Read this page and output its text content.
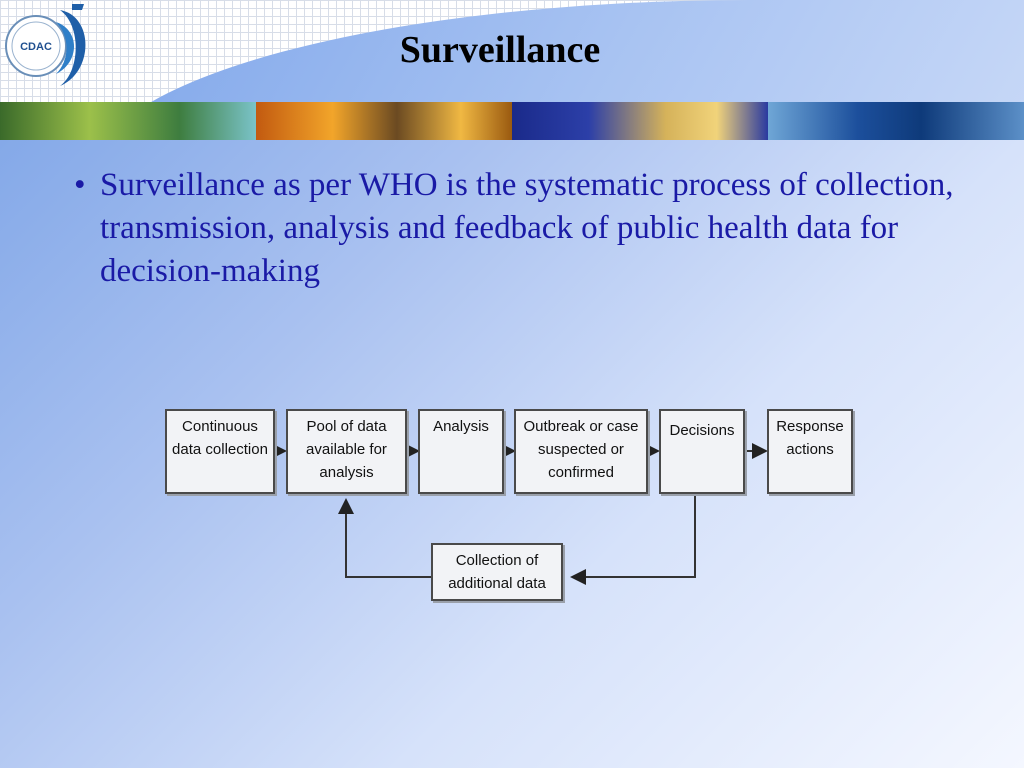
CDAC	Surveillance
• Surveillance as per WHO is the systematic process of collection, transmission, analysis and feedback of public health data for decision-making
Continuous
data collection
Pool of data
available for
analysis
Analysis	Outbreak or case
suspected or
confirmed
Decisions	Response
actions
Collection of
additional data
